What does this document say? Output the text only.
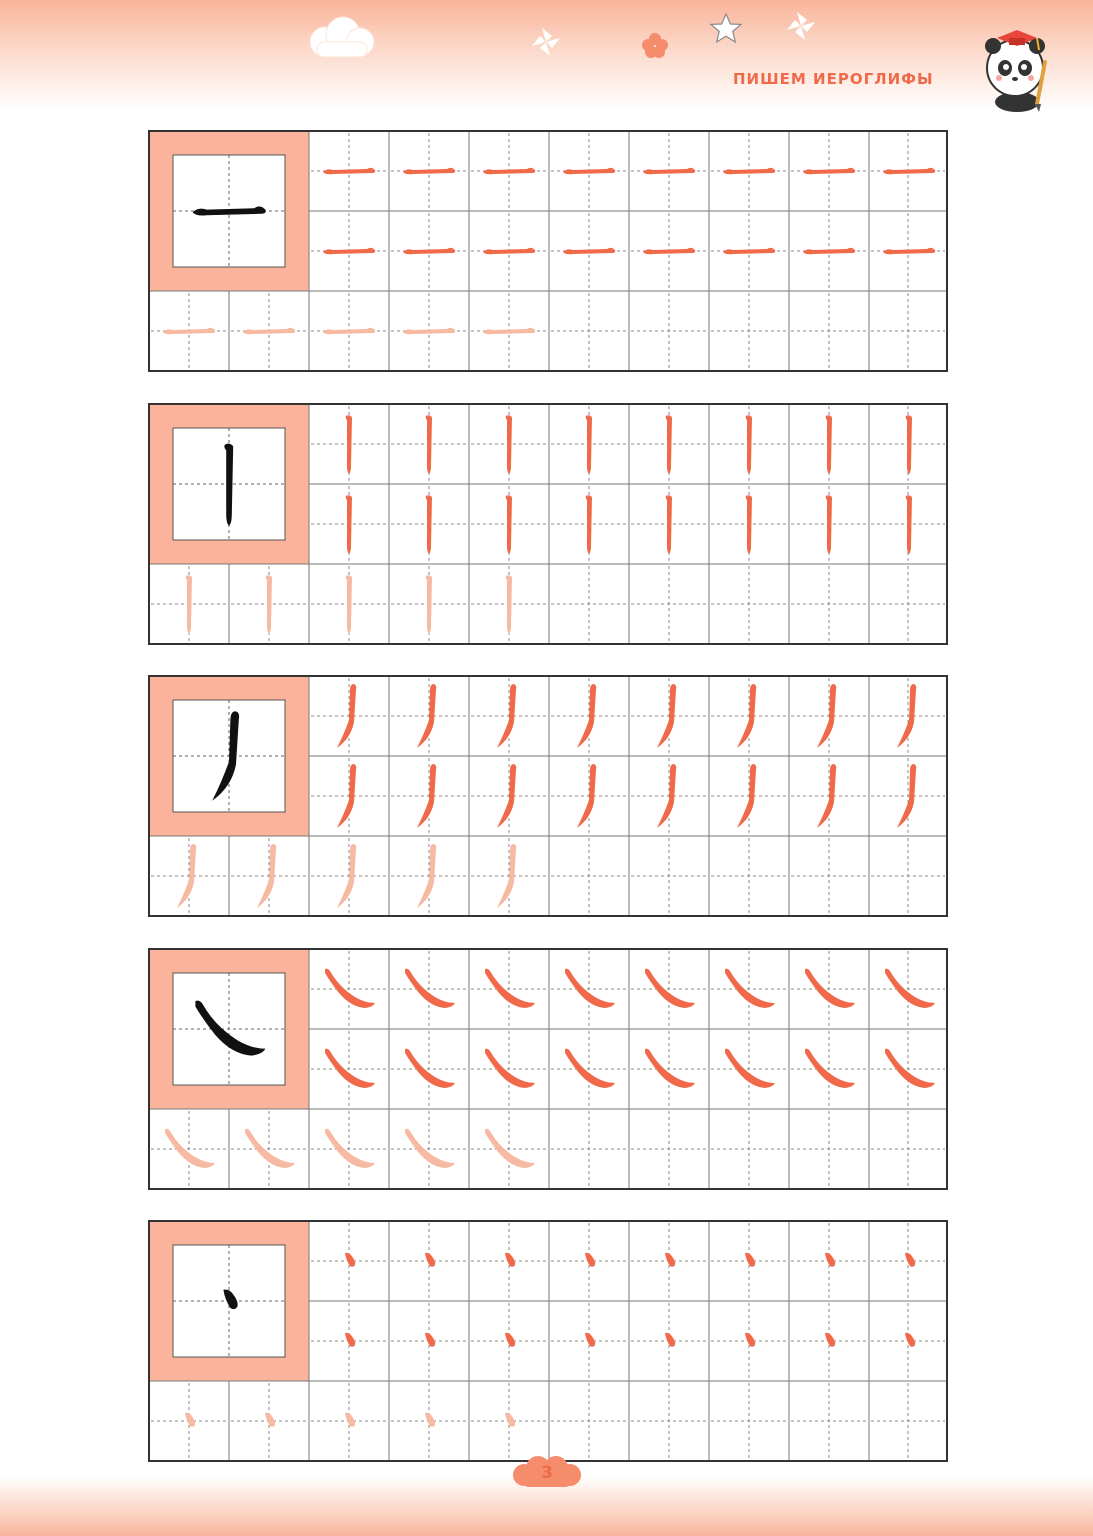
ПИШЕМ ИЕРОГЛИФЫ
3
